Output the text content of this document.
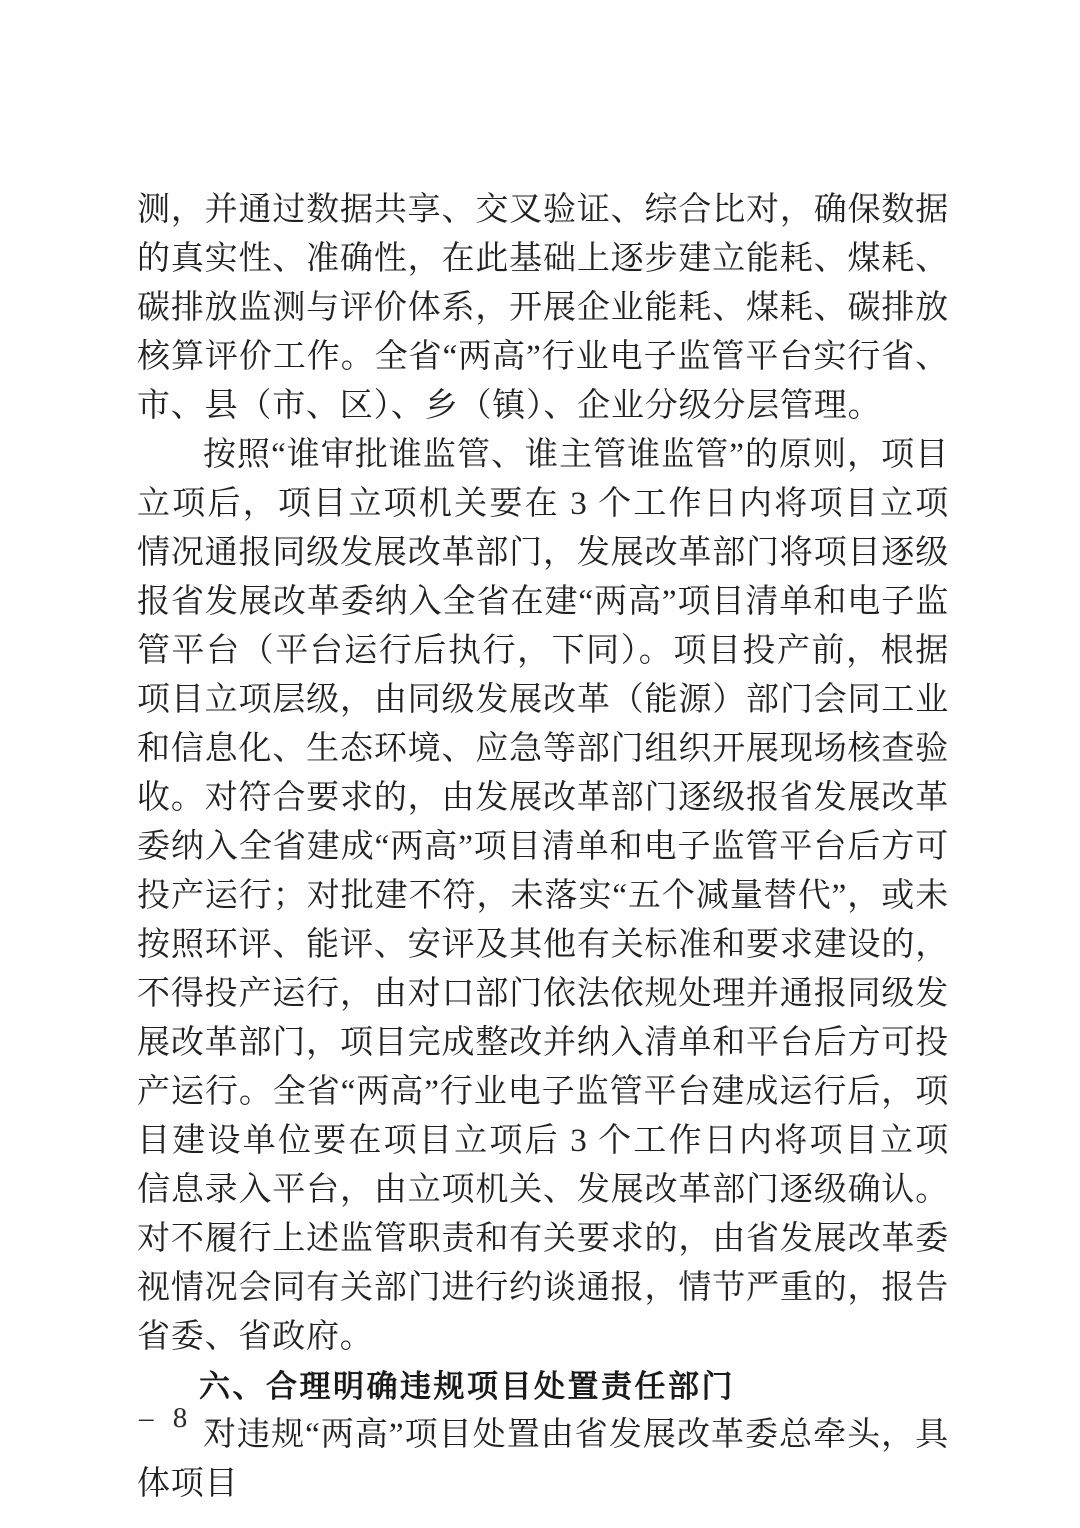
测，并通过数据共享、交叉验证、综合比对，确保数据的真实性、准确性，在此基础上逐步建立能耗、煤耗、碳排放监测与评价体系，开展企业能耗、煤耗、碳排放核算评价工作。全省“两高”行业电子监管平台实行省、市、县（市、区）、乡（镇）、企业分级分层管理。

按照“谁审批谁监管、谁主管谁监管”的原则，项目立项后，项目立项机关要在 3 个工作日内将项目立项情况通报同级发展改革部门，发展改革部门将项目逐级报省发展改革委纳入全省在建“两高”项目清单和电子监管平台（平台运行后执行，下同）。项目投产前，根据项目立项层级，由同级发展改革（能源）部门会同工业和信息化、生态环境、应急等部门组织开展现场核查验收。对符合要求的，由发展改革部门逐级报省发展改革委纳入全省建成“两高”项目清单和电子监管平台后方可投产运行；对批建不符，未落实“五个减量替代”，或未按照环评、能评、安评及其他有关标准和要求建设的，不得投产运行，由对口部门依法依规处理并通报同级发展改革部门，项目完成整改并纳入清单和平台后方可投产运行。全省“两高”行业电子监管平台建成运行后，项目建设单位要在项目立项后 3 个工作日内将项目立项信息录入平台，由立项机关、发展改革部门逐级确认。对不履行上述监管职责和有关要求的，由省发展改革委视情况会同有关部门进行约谈通报，情节严重的，报告省委、省政府。

六、合理明确违规项目处置责任部门

对违规“两高”项目处置由省发展改革委总牵头，具体项目

– 8 –
